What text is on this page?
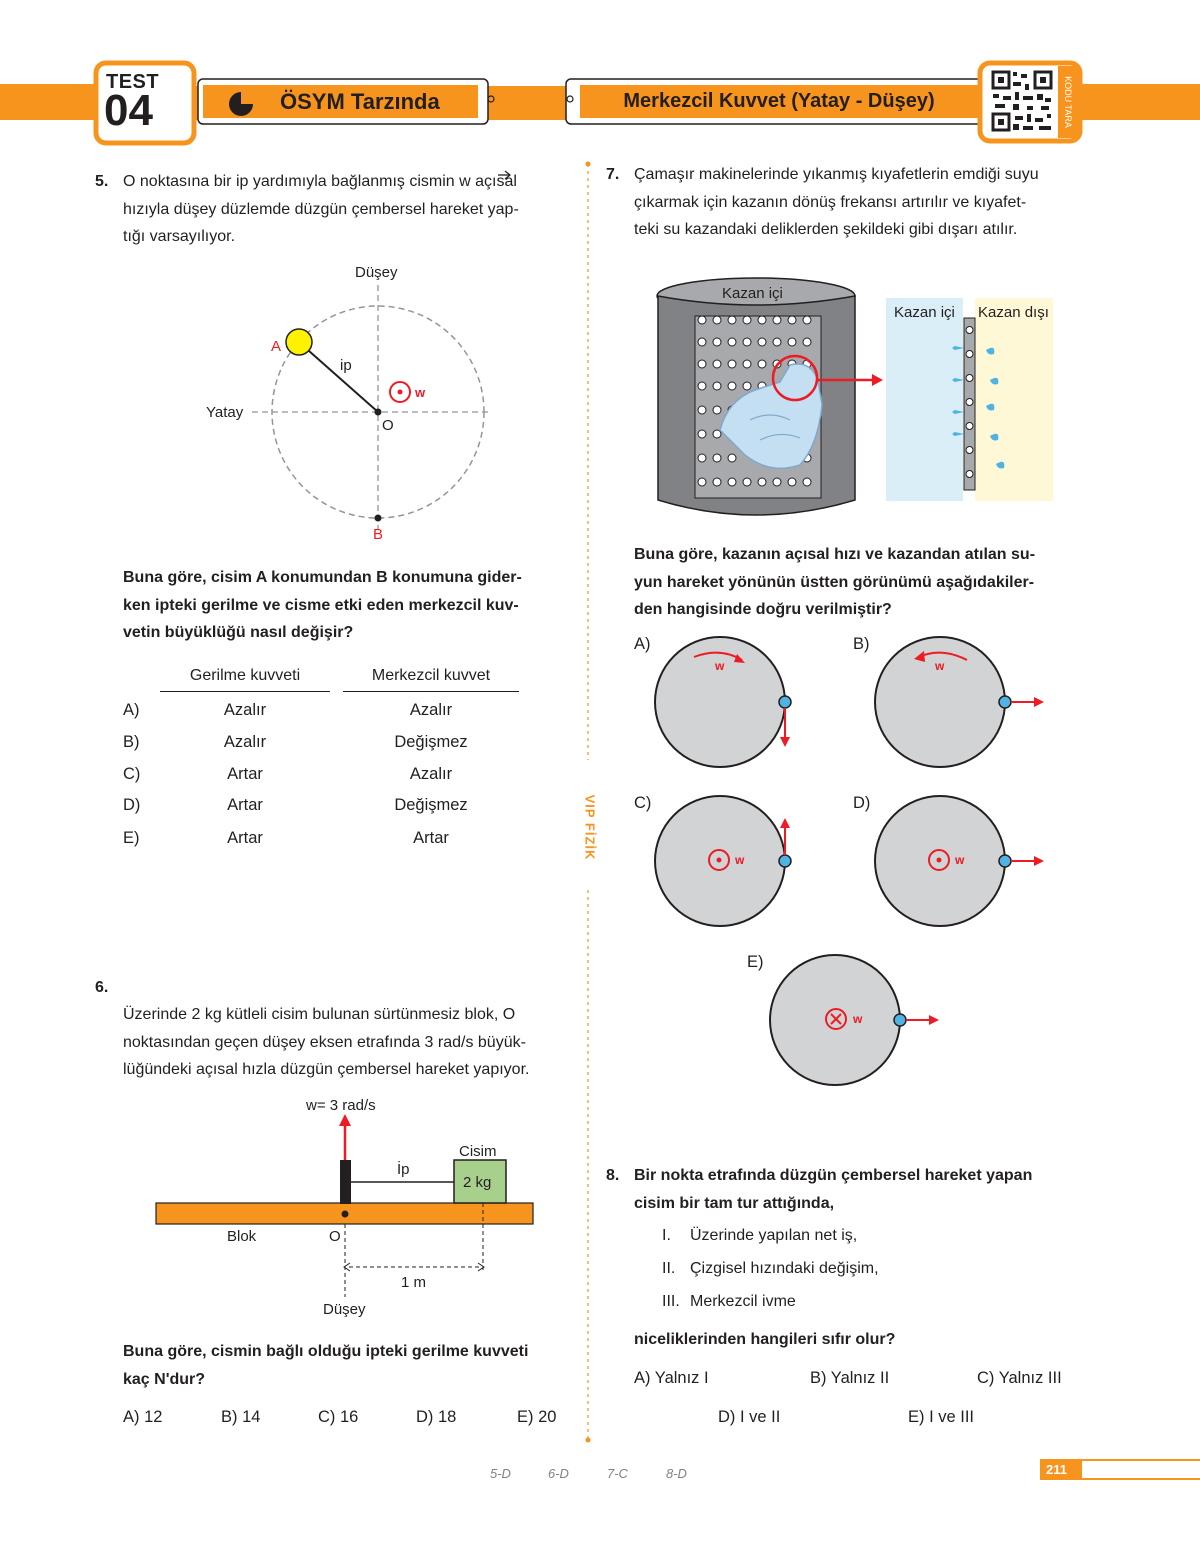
TEST
04	ÖSYM Tarzında	Merkezcil Kuvvet (Yatay - Düşey)	KODU TARA
VIP FİZİK
5. O noktasına bir ip yardımıyla bağlanmış cismin w açısal
hızıyla düşey düzlemde düzgün çembersel hareket yap-
tığı varsayılıyor.
Düşey
Yatay
ip
A
O
B
w
Buna göre, cisim A konumundan B konumuna gider-
ken ipteki gerilme ve cisme etki eden merkezcil kuv-
vetin büyüklüğü nasıl değişir?
Gerilme kuvveti	Merkezcil kuvvet
A)	Azalır	Azalır
B)	Azalır	Değişmez
C)	Artar	Azalır
D)	Artar	Değişmez
E)	Artar	Artar
6.
Üzerinde 2 kg kütleli cisim bulunan sürtünmesiz blok, O
noktasından geçen düşey eksen etrafında 3 rad/s büyük-
lüğündeki açısal hızla düzgün çembersel hareket yapıyor.
w= 3 rad/s
Cisim
2 kg
İp
Blok	O
1 m
Düşey
Buna göre, cismin bağlı olduğu ipteki gerilme kuvveti
kaç N'dur?
A) 12	B) 14	C) 16	D) 18	E) 20
7. Çamaşır makinelerinde yıkanmış kıyafetlerin emdiği suyu
çıkarmak için kazanın dönüş frekansı artırılır ve kıyafet-
teki su kazandaki deliklerden şekildeki gibi dışarı atılır.
Kazan içi
Kazan içi Kazan dışı
Buna göre, kazanın açısal hızı ve kazandan atılan su-
yun hareket yönünün üstten görünümü aşağıdakiler-
den hangisinde doğru verilmiştir?
A)
w
B)
w
C)
w
D)
w
E)
w
8. Bir nokta etrafında düzgün çembersel hareket yapan
cisim bir tam tur attığında,
I. Üzerinde yapılan net iş,
II. Çizgisel hızındaki değişim,
III. Merkezcil ivme
niceliklerinden hangileri sıfır olur?
A) Yalnız I	B) Yalnız II	C) Yalnız III
D) I ve II	E) I ve III
5-D	6-D	7-C	8-D	211
